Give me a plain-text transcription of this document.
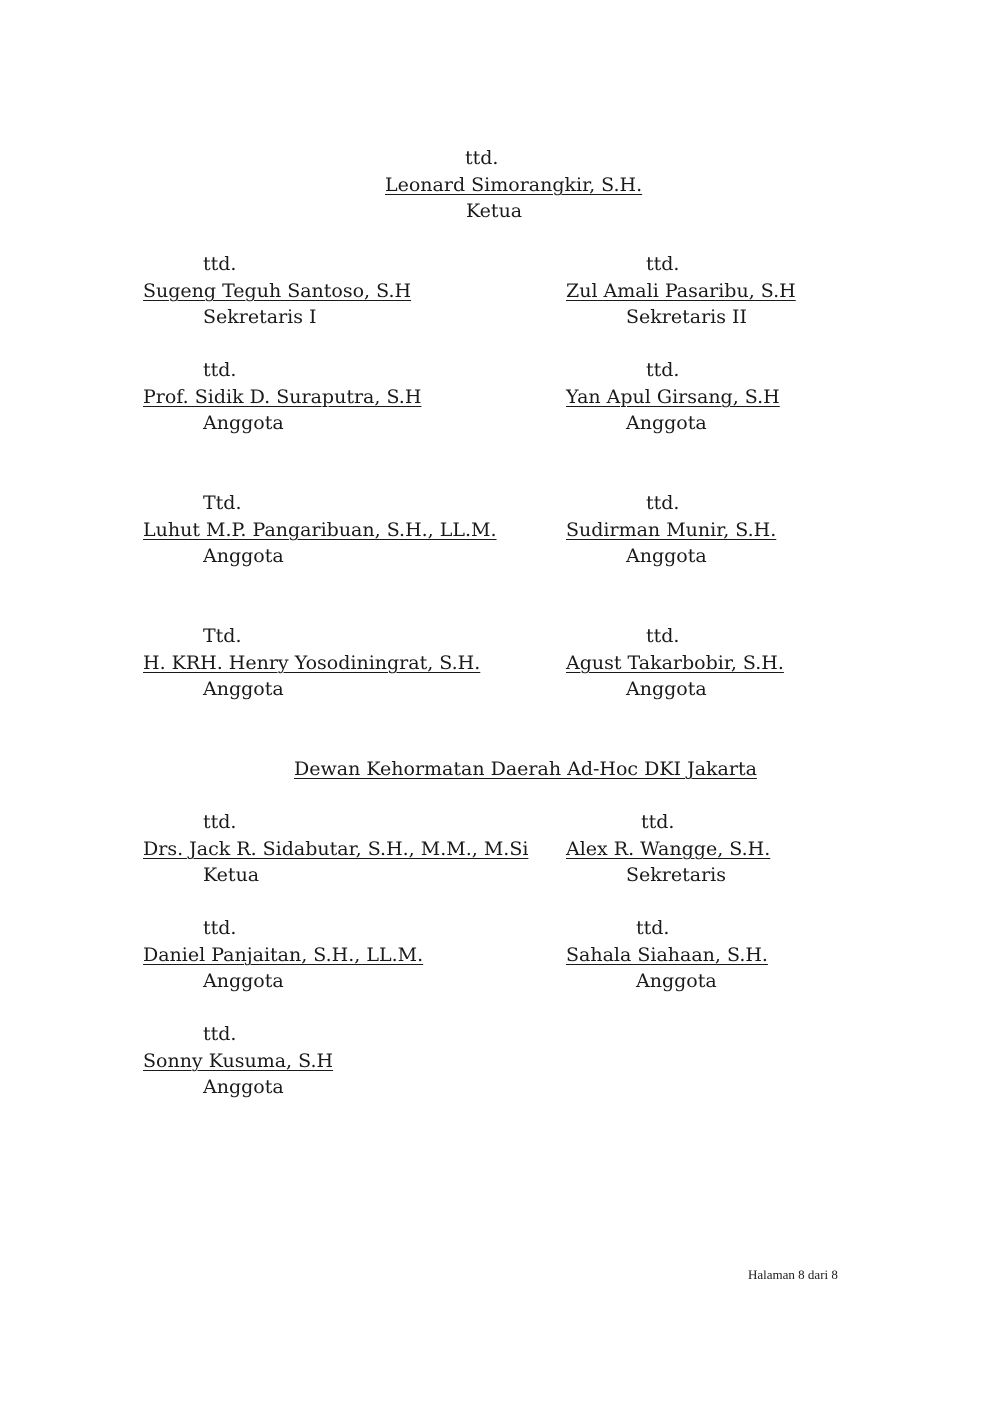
ttd.
Leonard Simorangkir, S.H.
Ketua
ttd.
Sugeng Teguh Santoso, S.H
Sekretaris I
ttd.
Zul Amali Pasaribu, S.H
Sekretaris II
ttd.
Prof. Sidik D. Suraputra, S.H
Anggota
ttd.
Yan Apul Girsang, S.H
Anggota
Ttd.
Luhut M.P. Pangaribuan, S.H., LL.M.
Anggota
ttd.
Sudirman Munir, S.H.
Anggota
Ttd.
H. KRH. Henry Yosodiningrat, S.H.
Anggota
ttd.
Agust Takarbobir, S.H.
Anggota
Dewan Kehormatan Daerah Ad-Hoc DKI Jakarta
ttd.
Drs. Jack R. Sidabutar, S.H., M.M., M.Si
Ketua
ttd.
Alex R. Wangge, S.H.
Sekretaris
ttd.
Daniel Panjaitan, S.H., LL.M.
Anggota
ttd.
Sahala Siahaan, S.H.
Anggota
ttd.
Sonny Kusuma, S.H
Anggota
Halaman 8 dari 8
